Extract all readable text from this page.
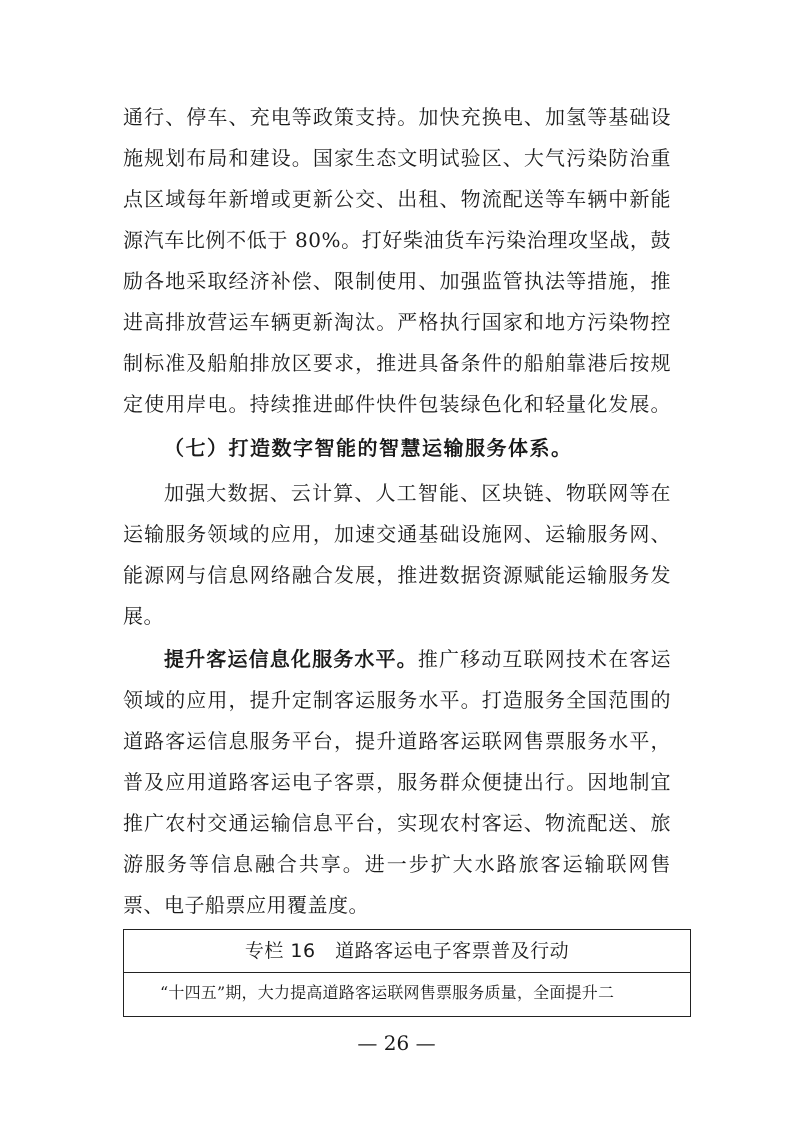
通行、停车、充电等政策支持。加快充换电、加氢等基础设
施规划布局和建设。国家生态文明试验区、大气污染防治重
点区域每年新增或更新公交、出租、物流配送等车辆中新能
源汽车比例不低于 80%。打好柴油货车污染治理攻坚战，鼓
励各地采取经济补偿、限制使用、加强监管执法等措施，推
进高排放营运车辆更新淘汰。严格执行国家和地方污染物控
制标准及船舶排放区要求，推进具备条件的船舶靠港后按规
定使用岸电。持续推进邮件快件包装绿色化和轻量化发展。
（七）打造数字智能的智慧运输服务体系。
加强大数据、云计算、人工智能、区块链、物联网等在
运输服务领域的应用，加速交通基础设施网、运输服务网、
能源网与信息网络融合发展，推进数据资源赋能运输服务发
展。
提升客运信息化服务水平。推广移动互联网技术在客运
领域的应用，提升定制客运服务水平。打造服务全国范围的
道路客运信息服务平台，提升道路客运联网售票服务水平，
普及应用道路客运电子客票，服务群众便捷出行。因地制宜
推广农村交通运输信息平台，实现农村客运、物流配送、旅
游服务等信息融合共享。进一步扩大水路旅客运输联网售
票、电子船票应用覆盖度。
专栏 16　道路客运电子客票普及行动
“十四五”期，大力提高道路客运联网售票服务质量，全面提升二
— 26 —
